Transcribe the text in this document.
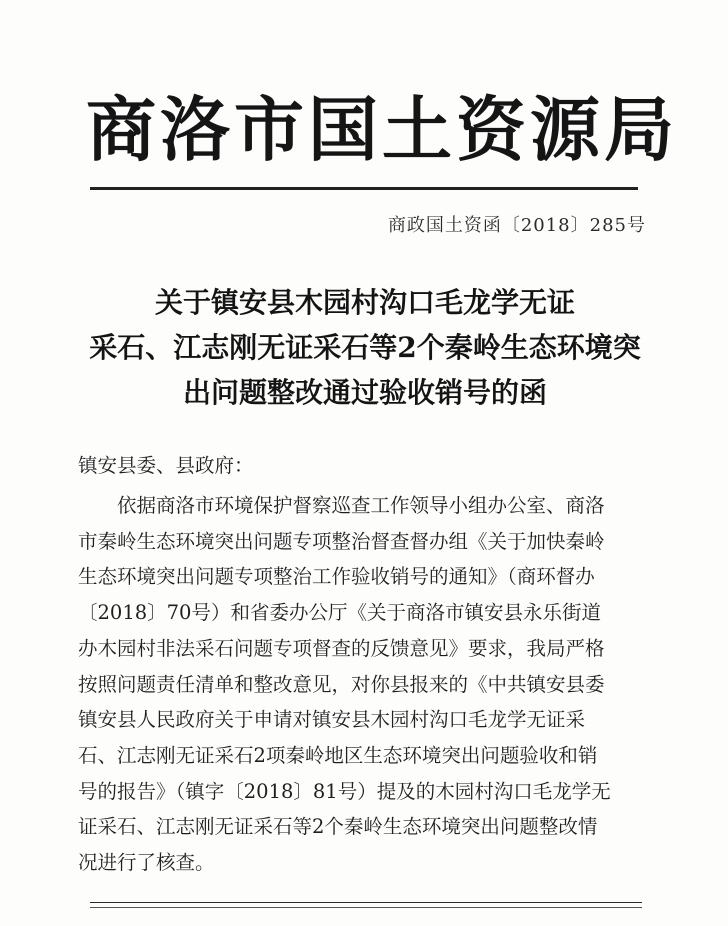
商洛市国土资源局
商政国土资函〔2018〕285号
关于镇安县木园村沟口毛龙学无证
采石、江志刚无证采石等2个秦岭生态环境突
出问题整改通过验收销号的函
镇安县委、县政府：
依据商洛市环境保护督察巡查工作领导小组办公室、商洛
市秦岭生态环境突出问题专项整治督查督办组《关于加快秦岭
生态环境突出问题专项整治工作验收销号的通知》（商环督办
〔2018〕70号）和省委办公厅《关于商洛市镇安县永乐街道
办木园村非法采石问题专项督查的反馈意见》要求，我局严格
按照问题责任清单和整改意见，对你县报来的《中共镇安县委
镇安县人民政府关于申请对镇安县木园村沟口毛龙学无证采
石、江志刚无证采石2项秦岭地区生态环境突出问题验收和销
号的报告》（镇字〔2018〕81号）提及的木园村沟口毛龙学无
证采石、江志刚无证采石等2个秦岭生态环境突出问题整改情
况进行了核查。
